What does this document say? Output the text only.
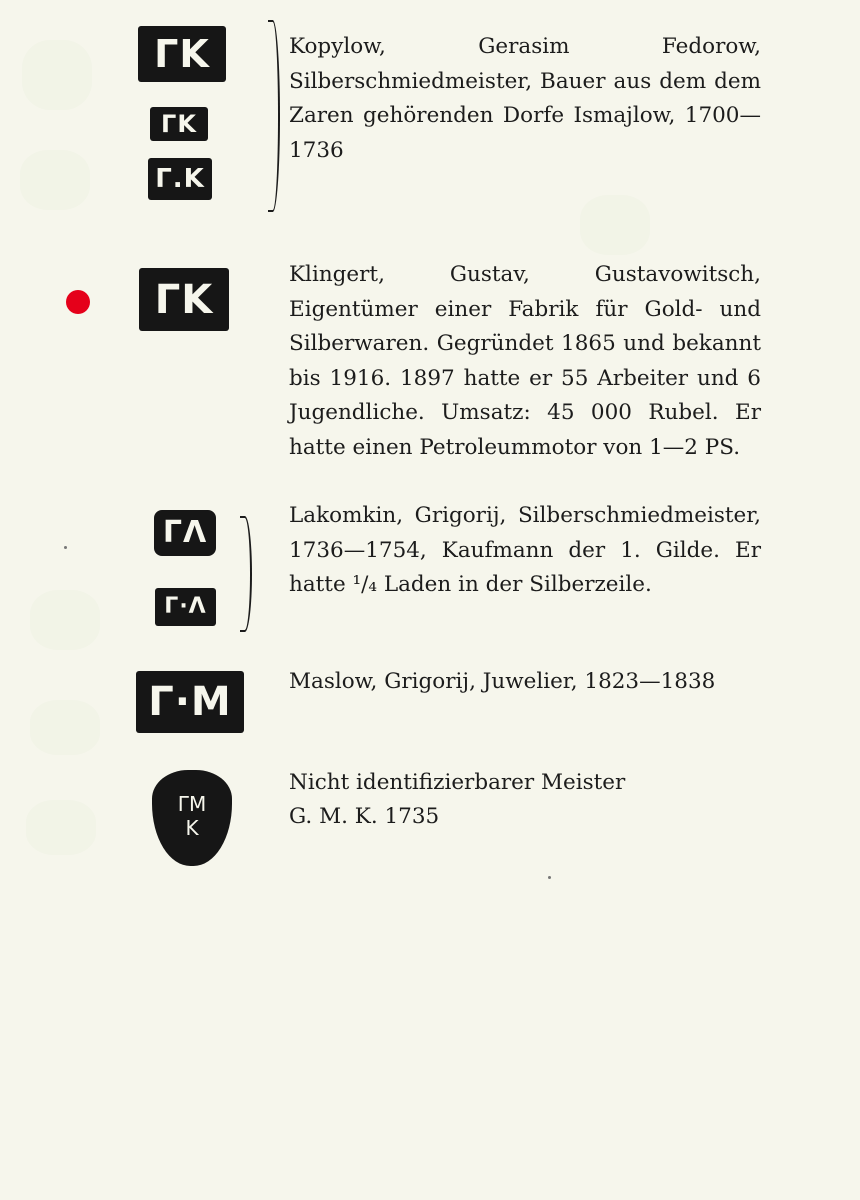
ΓΚ
ΓΚ
Γ.Κ

Kopylow, Gerasim Fedorow, Silberschmiedmeister, Bauer aus dem dem Zaren gehörenden Dorfe Ismajlow, 1700—1736

ΓΚ

Klingert, Gustav, Gustavowitsch, Eigentümer einer Fabrik für Gold- und Silberwaren. Gegründet 1865 und bekannt bis 1916. 1897 hatte er 55 Arbeiter und 6 Jugendliche. Umsatz: 45 000 Rubel. Er hatte einen Petroleummotor von 1—2 PS.

ΓΛ
Γ·Λ

Lakomkin, Grigorij, Silberschmiedmeister, 1736—1754, Kaufmann der 1. Gilde. Er hatte ¹/₄ Laden in der Silberzeile.

Γ·Μ	Maslow, Grigorij, Juwelier, 1823—1838

ΓΜ
Κ

Nicht identifizierbarer Meister

G. M. K. 1735
